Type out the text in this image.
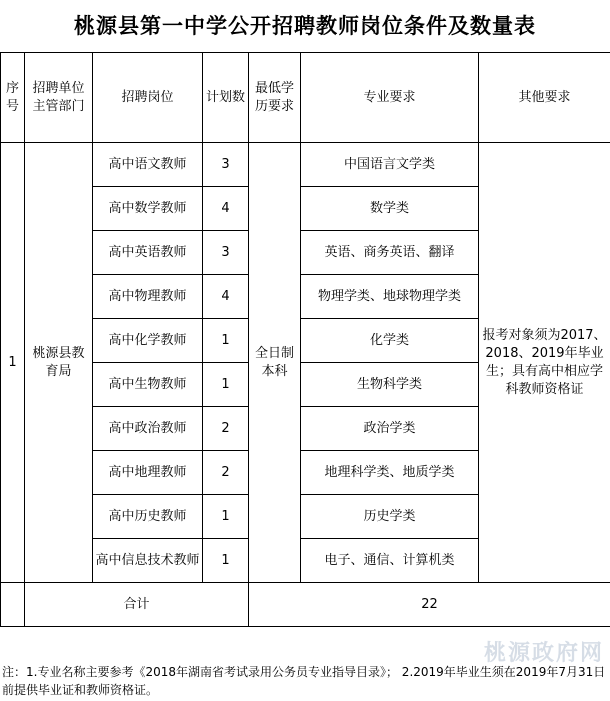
桃源县第一中学公开招聘教师岗位条件及数量表
序号	招聘单位主管部门	招聘岗位	计划数	最低学历要求	专业要求	其他要求
1	桃源县教育局	高中语文教师	3	全日制本科	中国语言文学类	报考对象须为2017、2018、2019年毕业生；具有高中相应学科教师资格证
		高中数学教师	4		数学类	
		高中英语教师	3		英语、商务英语、翻译	
		高中物理教师	4		物理学类、地球物理学类	
		高中化学教师	1		化学类	
		高中生物教师	1		生物科学类	
		高中政治教师	2		政治学类	
		高中地理教师	2		地理科学类、地质学类	
		高中历史教师	1		历史学类	
		高中信息技术教师	1		电子、通信、计算机类	
	合计			22		
注：1.专业名称主要参考《2018年湖南省考试录用公务员专业指导目录》； 2.2019年毕业生须在2019年7月31日前提供毕业证和教师资格证。
桃源政府网
